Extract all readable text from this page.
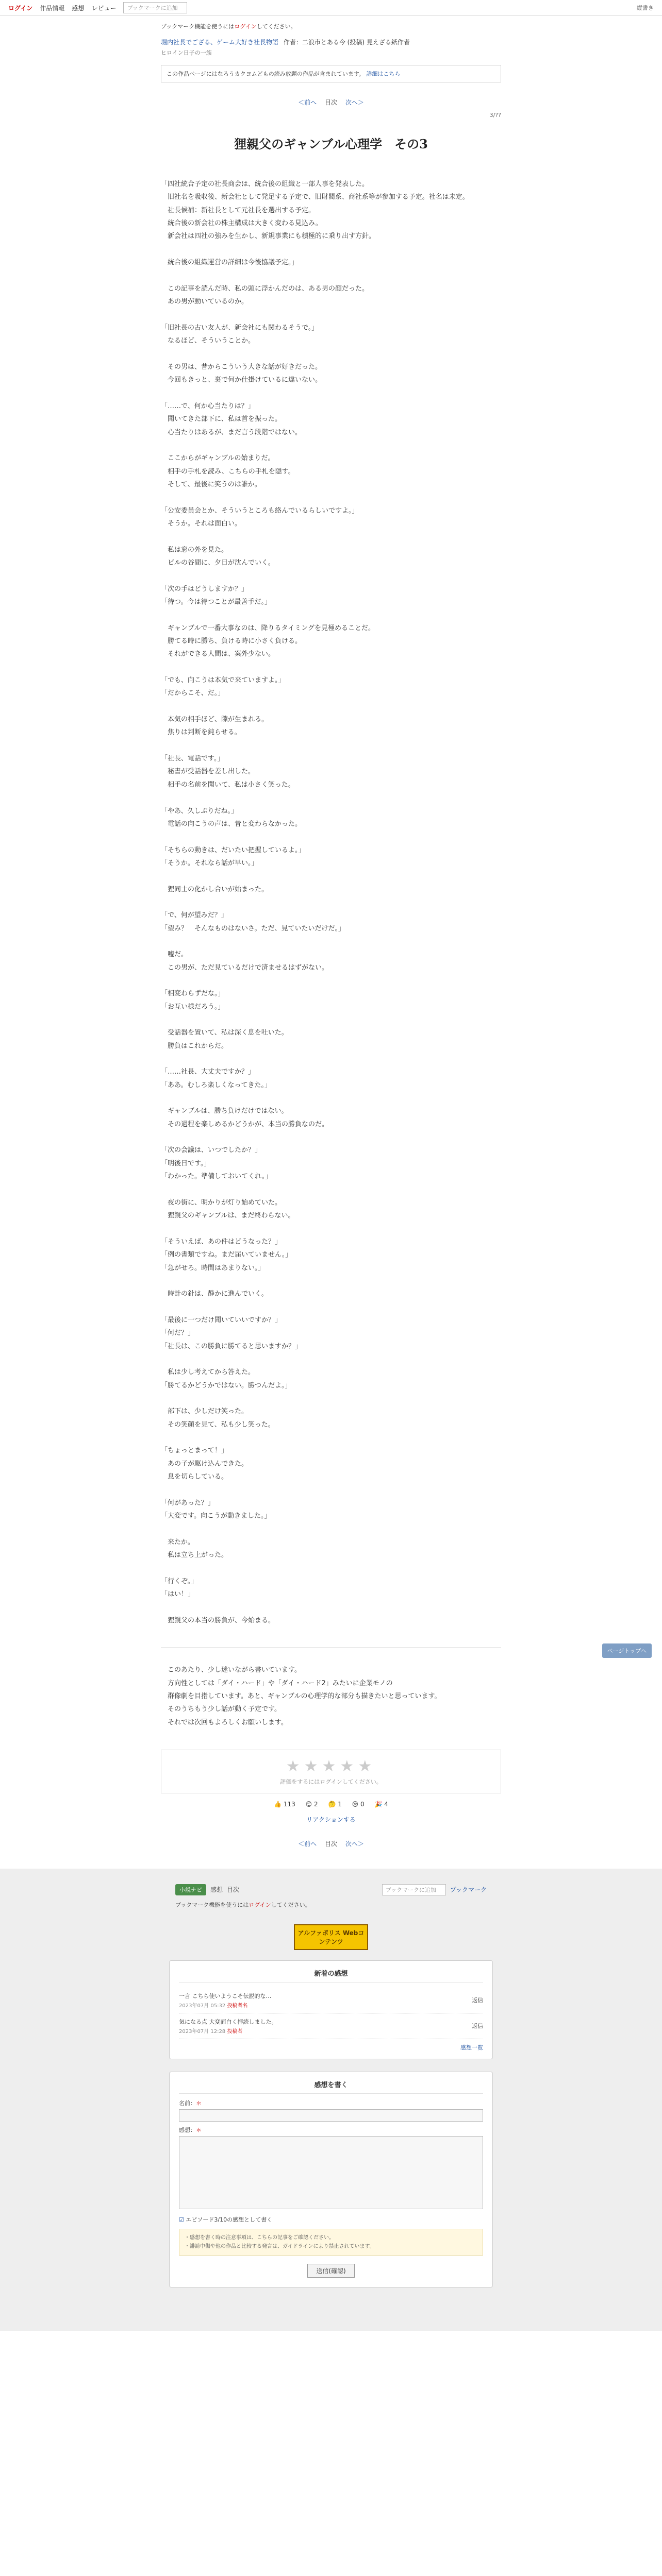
ログイン 作品情報 感想 レビュー	ブックマークに追加	縦書き
ブックマーク機能を使うにはログインしてください。
堀内社長でござる、ゲーム大好き社長物語 作者：二浪市とある今 (投稿) 見えざる紙作者
ヒロイン日子の一族
この作品ページにはなろうカクヨムどもの読み放題の作品が含まれています。 詳細はこちら
＜前へ 目次 次へ＞
3/??
狸親父のギャンブル心理学　その3

「四社統合予定の社長商会は、統合後の組織と一部人事を発表した。

　旧社名を吸収後、新会社として発足する予定で、旧財閥系、商社系等が参加する予定。社名は未定。

　社長候補：新社長として元社長を選出する予定。

　統合後の新会社の株主構成は大きく変わる見込み。

　新会社は四社の強みを生かし、新規事業にも積極的に乗り出す方針。

　統合後の組織運営の詳細は今後協議予定。」

　この記事を読んだ時、私の頭に浮かんだのは、ある男の顔だった。

　あの男が動いているのか。

「旧社長の古い友人が、新会社にも関わるそうで。」

　なるほど、そういうことか。

　その男は、昔からこういう大きな話が好きだった。

　今回もきっと、裏で何か仕掛けているに違いない。

「……で、何か心当たりは？」

　聞いてきた部下に、私は首を振った。

　心当たりはあるが、まだ言う段階ではない。

　ここからがギャンブルの始まりだ。

　相手の手札を読み、こちらの手札を隠す。

　そして、最後に笑うのは誰か。

「公安委員会とか、そういうところも絡んでいるらしいですよ。」

　そうか。それは面白い。

　私は窓の外を見た。

　ビルの谷間に、夕日が沈んでいく。

「次の手はどうしますか？」

「待つ。今は待つことが最善手だ。」

　ギャンブルで一番大事なのは、降りるタイミングを見極めることだ。

　勝てる時に勝ち、負ける時に小さく負ける。

　それができる人間は、案外少ない。

「でも、向こうは本気で来ていますよ。」

「だからこそ、だ。」

　本気の相手ほど、隙が生まれる。

　焦りは判断を鈍らせる。

「社長、電話です。」

　秘書が受話器を差し出した。

　相手の名前を聞いて、私は小さく笑った。

「やあ、久しぶりだね。」

　電話の向こうの声は、昔と変わらなかった。

「そちらの動きは、だいたい把握しているよ。」

「そうか。それなら話が早い。」

　狸同士の化かし合いが始まった。

「で、何が望みだ？」

「望み？　そんなものはないさ。ただ、見ていたいだけだ。」

　嘘だ。

　この男が、ただ見ているだけで済ませるはずがない。

「相変わらずだな。」

「お互い様だろう。」

　受話器を置いて、私は深く息を吐いた。

　勝負はこれからだ。

「……社長、大丈夫ですか？」

「ああ。むしろ楽しくなってきた。」

　ギャンブルは、勝ち負けだけではない。

　その過程を楽しめるかどうかが、本当の勝負なのだ。

「次の会議は、いつでしたか？」

「明後日です。」

「わかった。準備しておいてくれ。」

　夜の街に、明かりが灯り始めていた。

　狸親父のギャンブルは、まだ終わらない。

「そういえば、あの件はどうなった？」

「例の書類ですね。まだ届いていません。」

「急がせろ。時間はあまりない。」

　時計の針は、静かに進んでいく。

「最後に一つだけ聞いていいですか？」

「何だ？」

「社長は、この勝負に勝てると思いますか？」

　私は少し考えてから答えた。

「勝てるかどうかではない。勝つんだよ。」

　部下は、少しだけ笑った。

　その笑顔を見て、私も少し笑った。

「ちょっとまって！」

　あの子が駆け込んできた。

　息を切らしている。

「何があった？」

「大変です。向こうが動きました。」

　来たか。

　私は立ち上がった。

「行くぞ。」

「はい！」

　狸親父の本当の勝負が、今始まる。

　このあたり、少し迷いながら書いています。

　方向性としては「ダイ・ハード」や「ダイ・ハード2」みたいに企業モノの

　群像劇を目指しています。あと、ギャンブルの心理学的な部分も描きたいと思っています。

　そのうちもう少し話が動く予定です。

　それでは次回もよろしくお願いします。

★★★★★
評価をするにはログインしてください。
👍 113 😊 2 🤔 1 😢 0 🎉 4
リアクションする
＜前へ 目次 次へ＞
ページトップへ
小説ナビ	感想 目次	ブックマークに追加	ブックマーク
ブックマーク機能を使うにはログインしてください。
アルファポリス Webコンテンツ
新着の感想
一言 こちら使いようこそ伝説的な…
2023年07月 05:32 投稿者名
返信
気になる点 大変面白く拝読しました。
2023年07月 12:28 投稿者
返信
感想一覧
感想を書く
名前：＊
感想：＊
☑ エピソード3/10の感想として書く
・感想を書く時の注意事項は、こちらの記事をご確認ください。
・誹謗中傷や他の作品と比較する発言は、ガイドラインにより禁止されています。
送信(確認)
